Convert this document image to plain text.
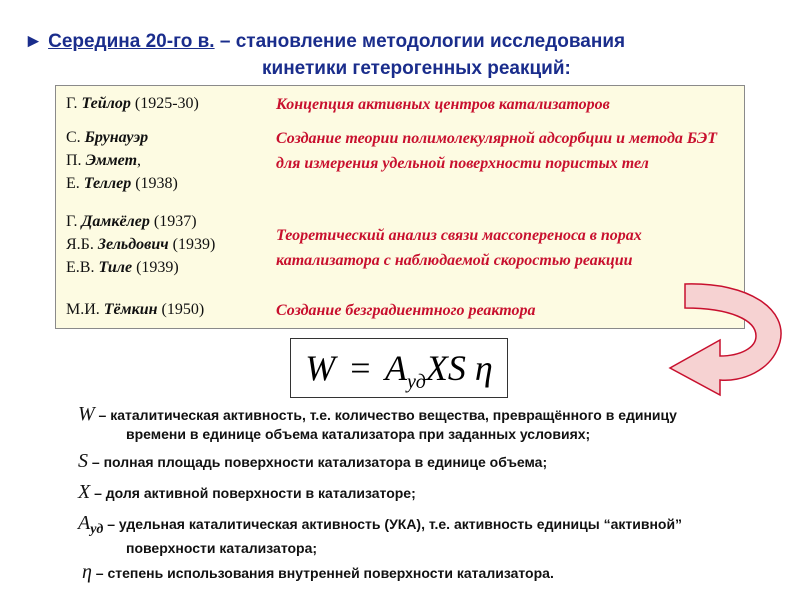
► Середина 20-го в. – становление методологии исследования
кинетики гетерогенных реакций:
Г. Тейлор (1925-30)	Концепция активных центров катализаторов
С. Брунауэр
П. Эммет,
Е. Теллер (1938)
Создание теории полимолекулярной адсорбции и метода БЭТ для измерения удельной поверхности пористых тел
Г. Дамкёлер (1937)
Я.Б. Зельдович (1939)
Е.В. Тиле (1939)
Теоретический анализ связи массопереноса в порах катализатора с наблюдаемой скоростью реакции
М.И. Тёмкин (1950)	Создание безградиентного реактора
$W = A_{уд}XS$ η
W – каталитическая активность, т.е. количество вещества, превращённого в единицу
времени в единице объема катализатора при заданных условиях;
S – полная площадь поверхности катализатора в единице объема;
X – доля активной поверхности в катализаторе;
$A_{уд}$ – удельная каталитическая активность (УКА), т.е. активность единицы “активной”
поверхности катализатора;
η – степень использования внутренней поверхности катализатора.
